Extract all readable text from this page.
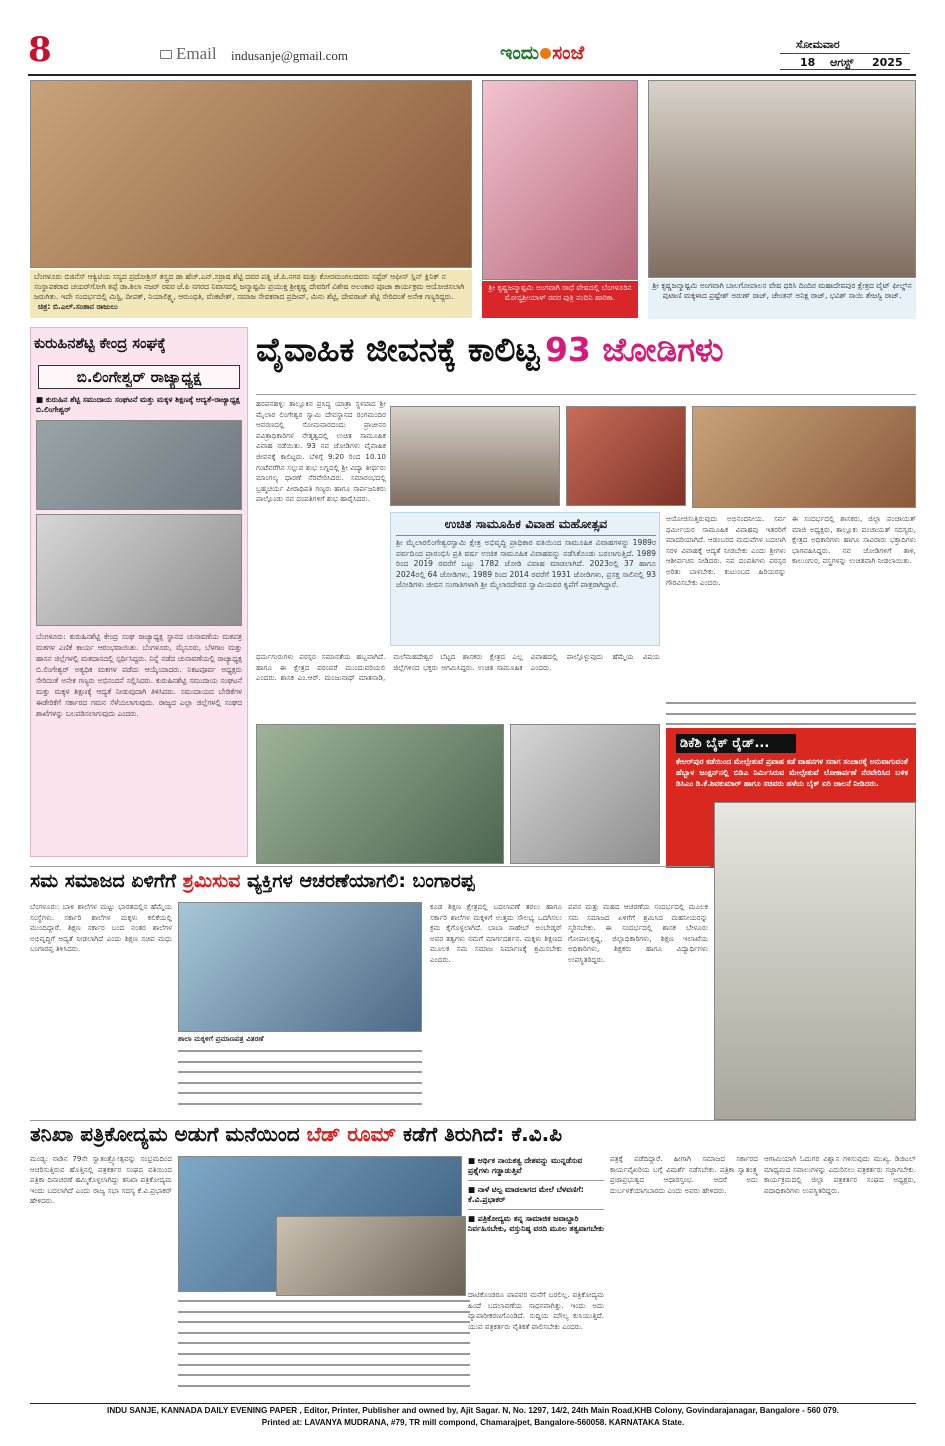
8	Email indusanje@gmail.com	ಇಂದು ಸಂಜೆ	ಸೋಮವಾರ
18 ಆಗಸ್ಟ್ 2025
ಬೆಂಗಳೂರು ಬಿಜಿನೆಸ್ ಆಕ್ವಿಟಿಯ ಸಸ್ಯದ ಪ್ರದೋಶ್ರಿಸ್ ತಸ್ತ್ರದ ಡಾ ಹೆಚ್.ಎನ್.ಸರ್ರಾಷ ಶೆಟ್ಟಿ ದವರ ಪತ್ನಿ ಜೆ.ಪಿ.ನಗರ ಮತ್ತು ಕೋರಮಂಗಲದವರು ಸಪ್ಟೆರ್ ಆಫೀಸ್ ಸ್ಲಿನ್ ಕ್ಲಿನಿಕ್ ನ ಸಂಸ್ಥಾಪಕರಾದ ಚಯರ್‌ಗೋಗಿ ತಪ್ಪೆ ಡಾ.ಶಿಲಾ ನಜರ್ ರವರ ಜೆ.ಪಿ ನಗರದ ನಿವಾಸದಲ್ಲಿ ಜನ್ಮಾಷ್ಟಮಿ ಪ್ರಯುಕ್ತ ಶ್ರೀಕೃಷ್ಣ ದೇವರಿಗೆ ವಿಶೇಷ ಅಲಂಕಾರ ಪೂಜಾ ಕಾರ್ಯಕ್ರಮ ಆಯೋಜಿಸಲಾಗಿ ಜರುಗಿತು. ಇದೇ ಸಂದರ್ಭದಲ್ಲಿ ಮಿಸ್ಟಿ, ದೀಪಕ್, ನಿಯಾಲಿಕ್ಷ್ಮ, ಆರುಂಧತಿ, ವೆಂಕಟೇಶ್, ಸಮಾಜ ಸೇವಕರಾದ ಪ್ರದೀಪ್, ಮಿನು ಶೆಟ್ಟಿ, ದೇವರಾಜ್ ಶೆಟ್ಟಿ ಸೇರಿದಂತೆ ಅನೇಕ ಗಣ್ಯರಿದ್ದರು. ಚಿತ್ರ: ಬಿ.ಎಲ್.ಸಂತಾನ ರಾಜುಲು
ಶ್ರೀ ಕೃಷ್ಣಜನ್ಮಾಷ್ಟಮಿ ಅಂಗವಾಗಿ ರಾಧೆ ವೇಷದಲ್ಲಿ ಬೆಂಗಳೂರಿನ ಮೋನ್ಯಶ್ರೀಯಾಳ್ ರವರ ಪುತ್ರಿ ನಂದಿನಿ ಹಾರಿಕಾ.
ಶ್ರೀ ಕೃಷ್ಣಜನ್ಮಾಷ್ಟಮಿ ಅಂಗವಾಗಿ ಬಾಲಗೋಪಾಲನ ವೇಷ ಧರಿಸಿ ದಿಂದಿರ ಮಹಾದೇವಪುರ ಕ್ಷೇತ್ರದ ವೈಟ್ ಫೀಲ್ಡ್‌ನ ಪುಟಾಣಿ ಮಕ್ಕಳಾದ ಪ್ರಷ್ಟೇಶ್ ಅರುಣ್ ರಾಜ್, ಚೇಂತನ್ ಅನಿಕ್ಷ ರಾಜ್, ಭವಿಶ್ ಸಾಯಿ ತೇಜಸ್ವಿ ರಾಜ್.
ಕುರುಹಿನಶೆಟ್ಟಿ ಕೇಂದ್ರ ಸಂಘಕ್ಕೆ
ಬಿ.ಲಿಂಗೇಶ್ವರ್ ರಾಜ್ಯಾಧ್ಯಕ್ಷ
■ ಕುರುಹಿನ ಶೆಟ್ಟಿ ಸಮುದಾಯ ಸಂಘಟನೆ ಮತ್ತು ಮಕ್ಕಳ ಶಿಕ್ಷಣಕ್ಕೆ ಆದ್ಯತೆ-ರಾಜ್ಯಾಧ್ಯಕ್ಷ ಬಿ.ಲಿಂಗೇಶ್ವರ್
ಬೆಂಗಳೂರು: ಕುರುಹಿನಶೆಟ್ಟಿ ಕೇಂದ್ರ ಸಂಘ ರಾಜ್ಯಾಧ್ಯಕ್ಷ ಸ್ಥಾನದ ಚುನಾವಣೆಯ ಮತಪತ್ರ ಮತಗಳ ಎಣಿಕೆ ಕಾರ್ಯ ಆರಂಭವಾಯಿತು. ಬೆಂಗಳೂರು, ಮೈಸೂರು, ಬೆಳಗಾಂ ಮತ್ತು ಹಾಸನ ಜಿಲ್ಲೆಗಳಲ್ಲಿ ಮತದಾನದಲ್ಲಿ ಸ್ಪರ್ಧಿಸಿದ್ದರು. ನಿನ್ನೆ ನಡೆದ ಚುನಾವಣೆಯಲ್ಲಿ ರಾಜ್ಯಾಧ್ಯಕ್ಷ ಬಿ.ಲಿಂಗೇಶ್ವರ್ ಅತ್ಯಧಿಕ ಮತಗಳ ಪಡೆದು ಆಯ್ಕೆಯಾದರು. ನಿಕಟಪೂರ್ವ ಅಧ್ಯಕ್ಷರು ಸೇರಿದಂತೆ ಅನೇಕ ಗಣ್ಯರು ಅಭಿನಂದನೆ ಸಲ್ಲಿಸಿದರು. ಕುರುಹಿನಶೆಟ್ಟಿ ಸಮುದಾಯ ಸಂಘಟನೆ ಮತ್ತು ಮಕ್ಕಳ ಶಿಕ್ಷಣಕ್ಕೆ ಆದ್ಯತೆ ನೀಡುವುದಾಗಿ ತಿಳಿಸಿದರು. ಸಮುದಾಯದ ಬೇಡಿಕೆಗಳ ಈಡೇರಿಕೆಗೆ ಸರ್ಕಾರದ ಗಮನ ಸೆಳೆಯಲಾಗುವುದು. ರಾಜ್ಯದ ಎಲ್ಲಾ ಜಿಲ್ಲೆಗಳಲ್ಲಿ ಸಂಘದ ಶಾಖೆಗಳನ್ನು ಬಲಪಡಿಸಲಾಗುವುದು ಎಂದರು.
ವೈವಾಹಿಕ ಜೀವನಕ್ಕೆ ಕಾಲಿಟ್ಟ 93 ಜೋಡಿಗಳು
ಹರಪನಹಳ್ಳಿ: ತಾಲ್ಲೂಕಿನ ಪ್ರಸಿದ್ಧ ಯಾತ್ರಾ ಸ್ಥಳವಾದ ಶ್ರೀ ಮೈಲಾರ ಲಿಂಗೇಶ್ವರ ಸ್ವಾಮಿ ದೇವಸ್ಥಾನದ ರಂಗಮಂದಿರ ಆವರಣದಲ್ಲಿ ಸೋಮವಾರದಂದು ಪ್ರಾಚೀನರ ಪವಿತ್ರಾಧಿಕಾರಿಗಳ ನೇತೃತ್ವದಲ್ಲಿ ಉಚಿತ ಸಾಮೂಹಿಕ ವಿವಾಹ ನಡೆಯಿತು. 93 ನವ ಜೋಡಿಗಳು ವೈವಾಹಿಕ ಜೀವನಕ್ಕೆ ಕಾಲಿಟ್ಟರು. ಬೆಳಿಗ್ಗೆ 9:20 ರಿಂದ 10.10 ಗಂಟೆವರೆಗಿನ ಸಲ್ಲುವ ಶುಭ ಲಗ್ನದಲ್ಲಿ ಶ್ರೀ ವಿದ್ಯಾ ತೀರ್ಥರು ಮಾಂಗಲ್ಯ ಧಾರಣೆ ನೆರವೇರಿಸಿದರು. ಸಮಾರಂಭದಲ್ಲಿ ಬ್ರಹ್ಮಚರ್ಯ ಪೀಠಾಧಿಪತಿ ಗಣ್ಯರು ಹಾಗೂ ಸಾರ್ವಜನಿಕರು ಪಾಲ್ಗೊಂಡು ನವ ದಂಪತಿಗಳಿಗೆ ಶುಭ ಹಾರೈಸಿದರು.
ಉಚಿತ ಸಾಮೂಹಿಕ ವಿವಾಹ ಮಹೋತ್ಸವ
ಶ್ರೀ ಮೈಲಾರಲಿಂಗೇಶ್ವರಸ್ವಾಮಿ ಕ್ಷೇತ್ರ ಅಭಿವೃದ್ಧಿ ಪ್ರಾಧಿಕಾರ ವತಿಯಿಂದ ಸಾಮೂಹಿಕ ವಿವಾಹಗಳನ್ನು 1989ರ ಪರ್ವದಿಂದ ಪ್ರಾರಂಭಿಸಿ ಪ್ರತಿ ವರ್ಷ ಉಚಿತ ಸಾಮೂಹಿಕ ವಿವಾಹವನ್ನು ನಡೆಸಿಕೊಂಡು ಬರಲಾಗುತ್ತಿದೆ. 1989 ರಿಂದ 2019 ರವರೆಗೆ ಒಟ್ಟು 1782 ಜೋಡಿ ವಿವಾಹ ಮಾಡಲಾಗಿದೆ. 2023ರಲ್ಲಿ 37 ಹಾಗೂ 2024ರಲ್ಲಿ 64 ಜೋಡಿಗಳು, 1989 ರಿಂದ 2014 ರವರೆಗೆ 1931 ಜೋಡಿಗಳು, ಪ್ರಸಕ್ತ ಸಾಲಿನಲ್ಲಿ 93 ಜೋಡಿಗಳು ಜೀವನ ಸಂಗಾತಿಗಳಾಗಿ ಶ್ರೀ ಮೈಲಾರದೇವರ ಸ್ವಾಮಿಯವರ ಕೃಪೆಗೆ ಪಾತ್ರರಾಗಿದ್ದಾರೆ.
ಆಯೋಜಿಸುತ್ತಿರುವುದು ಅಭಿನಂದನೀಯ. ಸರ್ವ ಧರ್ಮೀಯರ ಸಾಮೂಹಿಕ ವಿವಾಹವು ಇತರರಿಗೆ ಮಾದರಿಯಾಗಿದೆ. ಆಡಂಬರದ ಮದುವೆಗಳ ಬದಲಾಗಿ ಸರಳ ವಿವಾಹಕ್ಕೆ ಆದ್ಯತೆ ನೀಡಬೇಕು ಎಂದು ಶ್ರೀಗಳು ಆಶೀರ್ವಚನ ನೀಡಿದರು. ನವ ದಂಪತಿಗಳು ಪರಸ್ಪರ ಅರಿತು ಬಾಳಬೇಕು. ಕುಟುಂಬದ ಹಿರಿಯರನ್ನು ಗೌರವಿಸಬೇಕು ಎಂದರು.
ಈ ಸಂದರ್ಭದಲ್ಲಿ ಶಾಸಕರು, ಜಿಲ್ಲಾ ಪಂಚಾಯತ್ ಮಾಜಿ ಅಧ್ಯಕ್ಷರು, ತಾಲ್ಲೂಕು ಪಂಚಾಯತ್ ಸದಸ್ಯರು, ಕ್ಷೇತ್ರದ ಅಧಿಕಾರಿಗಳು ಹಾಗೂ ಸಾವಿರಾರು ಭಕ್ತಾದಿಗಳು ಭಾಗವಹಿಸಿದ್ದರು. ನವ ಜೋಡಿಗಳಿಗೆ ತಾಳಿ, ಕಾಲುಂಗುರ, ವಸ್ತ್ರಗಳನ್ನು ಉಚಿತವಾಗಿ ನೀಡಲಾಯಿತು.
ಧರ್ಮಗುರುಗಳು ಪರಸ್ಪರ ಸಮಾನತೆಯ ಹಬ್ಬವಾಗಿದೆ. ಹಾಗೂ ಈ ಕ್ಷೇತ್ರದ ಪರಂಪರೆ ಮುಂದುವರಿಯಲಿ ಎಂದರು. ಶಾಸಕ ಎಂ.ಆರ್. ಮಂಜುನಾಥ್ ಮಾತನಾಡಿ, ಮಲೆಮಹದೇಶ್ವರ ಬೆಟ್ಟದ ಶಾಸಕರು ಕ್ಷೇತ್ರದ ಎಲ್ಲ ಜಿಲ್ಲೆಗಳಿಂದ ಭಕ್ತರು ಆಗಮಿಸಿದ್ದರು. ಉಚಿತ ಸಾಮೂಹಿಕ ವಿವಾಹದಲ್ಲಿ ಪಾಲ್ಗೊಳ್ಳುವುದು ಹೆಮ್ಮೆಯ ವಿಷಯ ಎಂದರು.
ಡಿಕೆಶಿ ಬೈಕ್ ರೈಡ್...
ಕೇಆರ್‌ಪುರ ಕಡೆಯಿಂದ ಮೇಲ್ಸೇತುವೆ ಪ್ರವಾಹ ಕಡೆ ವಾಹನಗಳ ಸರಾಗ ಸಂಚಾರಕ್ಕೆ ಅನುವಾಗುವಂತೆ ಹೆಬ್ಬಾಳ ಜಂಕ್ಷನ್‌ನಲ್ಲಿ ಬಿಡಿಎ ನಿರ್ಮಿಸಿರುವ ಮೇಲ್ಸೇತುವೆ ಲೋಕಾರ್ಪಣೆ ನೆರವೇರಿಸಿದ ಬಳಿಕ ಡಿಸಿಎಂ ಡಿ.ಕೆ.ಶಿವಕುಮಾರ್ ಹಾಗೂ ಸಚಿವರು ಹಳೆಯ ಬೈಕ್ ಏರಿ ಚಾಲನೆ ನೀಡಿದರು.
ಸಮ ಸಮಾಜದ ಏಳಿಗೆಗೆ ಶ್ರಮಿಸುವ ವ್ಯಕ್ತಿಗಳ ಆಚರಣೆಯಾಗಲಿ: ಬಂಗಾರಪ್ಪ
ಬೆಂಗಳೂರು: ಬಾಳಿ ಶಾಲೆಗಳ ಮಟ್ಟು ಭಾರತದಲ್ಲಿನ ಹೆಮ್ಮೆಯ ಸಂಸ್ಥೆಗಳು. ಸರ್ಕಾರಿ ಶಾಲೆಗಳ ಮಕ್ಕಳು ಕಲಿಕೆಯಲ್ಲಿ ಮುಂದಿದ್ದಾರೆ. ಶಿಕ್ಷಣ ಸರ್ಕಾರ ಬಂದ ನಂತರ ಶಾಲೆಗಳ ಅಭಿವೃದ್ಧಿಗೆ ಆದ್ಯತೆ ನೀಡಲಾಗಿದೆ ಎಂದು ಶಿಕ್ಷಣ ಸಚಿವ ಮಧು ಬಂಗಾರಪ್ಪ ತಿಳಿಸಿದರು.
ಶಾಲಾ ಮಕ್ಕಳಿಗೆ ಪ್ರಮಾಣಪತ್ರ ವಿತರಣೆ
ಕೂಡ ಶಿಕ್ಷಣ ಕ್ಷೇತ್ರದಲ್ಲಿ ಬದಲಾವಣೆ ತರಲು ಹಾಗೂ ಸರ್ಕಾರಿ ಶಾಲೆಗಳ ಮಕ್ಕಳಿಗೆ ಉತ್ತಮ ಸೌಲಭ್ಯ ಒದಗಿಸಲು ಕ್ರಮ ಕೈಗೊಳ್ಳಲಾಗಿದೆ. ಬಾಬಾ ಸಾಹೇಬ್ ಅಂಬೇಡ್ಕರ್ ಅವರ ತತ್ವಗಳು ನಮಗೆ ಮಾರ್ಗದರ್ಶನ. ಮಕ್ಕಳು ಶಿಕ್ಷಣದ ಮೂಲಕ ಸಮ ಸಮಾಜ ನಿರ್ಮಾಣಕ್ಕೆ ಶ್ರಮಿಸಬೇಕು ಎಂದರು.
ಪವನ ಮತ್ತು ಮಹದ ಆಚರಣೆಯ ಸಂದರ್ಭದಲ್ಲಿ ಮೂಲಕ ಸಮ ಸಮಾಜದ ಏಳಿಗೆಗೆ ಶ್ರಮಿಸಿದ ಮಹನೀಯರನ್ನು ಸ್ಮರಿಸಬೇಕು. ಈ ಸಂದರ್ಭದಲ್ಲಿ ಶಾಸಕ ಬೇಳೂರು ಗೋಪಾಲಕೃಷ್ಣ, ಜಿಲ್ಲಾಧಿಕಾರಿಗಳು, ಶಿಕ್ಷಣ ಇಲಾಖೆಯ ಅಧಿಕಾರಿಗಳು, ಶಿಕ್ಷಕರು ಹಾಗೂ ವಿದ್ಯಾರ್ಥಿಗಳು ಉಪಸ್ಥಿತರಿದ್ದರು.
ತನಿಖಾ ಪತ್ರಿಕೋದ್ಯಮ ಅಡುಗೆ ಮನೆಯಿಂದ ಬೆಡ್ ರೂಮ್ ಕಡೆಗೆ ತಿರುಗಿದೆ: ಕೆ.ವಿ.ಪಿ
ಮಂಡ್ಯ: ನಾಡಿನ 79ನೇ ಸ್ವಾತಂತ್ರ್ಯೋತ್ಸವನ್ನು ಸಂಭ್ರಮದಿಂದ ಆಚರಿಸುತ್ತಿರುವ ಹೊತ್ತಿನಲ್ಲಿ ಪತ್ರಕರ್ತರ ಸಂಘದ ವತಿಯಿಂದ ಪತ್ರಿಕಾ ದಿನಾಚರಣೆ ಹಮ್ಮಿಕೊಳ್ಳಲಾಗಿದ್ದು ತನಿಖಾ ಪತ್ರಿಕೋದ್ಯಮ ಇಂದು ಬದಲಾಗಿದೆ ಎಂದು ರಾಜ್ಯ ಸಭಾ ಸದಸ್ಯ ಕೆ.ವಿ.ಪ್ರಭಾಕರ್ ಹೇಳಿದರು.
■ ಆರ್ಥಿಕ ನಾಯಕತ್ವ ದೇಶವನ್ನು ಮುನ್ನಡೆಸುವ ಪ್ರಶ್ನೆಗಳು ಗಡ್ಡಾಡುತ್ತಿವೆ
■ ನಾಳೆ ಟಿಲ್ಟ ಮಾಡಲಾಗದ ಮೇಲೆ ಬೆಳವಣಿಗೆ: ಕೆ.ವಿ.ಪ್ರಭಾಕರ್
■ ಪತ್ರಿಕೋದ್ಯಮ ತನ್ನ ಸಾಮಾಜಿಕ ಜವಾಬ್ದಾರಿ ನಿರ್ವಹಿಸಬೇಕು, ವಸ್ತುನಿಷ್ಠ ವರದಿ ಮೂಲ ತತ್ವವಾಗಬೇಕು
ದಾಟಿಕೊಂಡರೂ ಪಾಪವರ ಮನೆಗೆ ಬರಲಿಲ್ಲ. ಪತ್ರಿಕೋದ್ಯಮ ಹಿಂದೆ ಬದಲಾವಣೆಯ ಸಾಧನವಾಗಿತ್ತು. ಇಂದು ಅದು ವ್ಯಾಪಾರೀಕರಣಗೊಂಡಿದೆ. ಸುದ್ದಿಯ ಮೌಲ್ಯ ಕುಸಿಯುತ್ತಿದೆ. ಯುವ ಪತ್ರಕರ್ತರು ನೈತಿಕತೆ ಪಾಲಿಸಬೇಕು ಎಂದರು.
ಪತ್ರಕ್ಕೆ ಪಡೆದಿದ್ದಾರೆ. ಹೀಗಾಗಿ ಸಮಾಜದ ಸರ್ಕಾರದ ಕಾರ್ಯವೈಖರಿಯ ಬಗ್ಗೆ ವಿಮರ್ಶೆ ನಡೆಸಬೇಕು. ಪತ್ರಿಕಾ ಸ್ವಾತಂತ್ರ್ಯ ಪ್ರಜಾಪ್ರಭುತ್ವದ ಆಧಾರಸ್ತಂಭ. ಆದರೆ ಅದು ದುರ್ಬಳಕೆಯಾಗಬಾರದು ಎಂದು ಅವರು ಹೇಳಿದರು.
ಆಗಾಮಿಯಾಗಿ ಓದುಗರ ವಿಶ್ವಾಸ ಗಳಿಸುವುದು ಮುಖ್ಯ. ಡಿಜಿಟಲ್ ಮಾಧ್ಯಮದ ಸವಾಲುಗಳನ್ನು ಎದುರಿಸಲು ಪತ್ರಕರ್ತರು ಸಜ್ಜಾಗಬೇಕು. ಕಾರ್ಯಕ್ರಮದಲ್ಲಿ ಜಿಲ್ಲಾ ಪತ್ರಕರ್ತರ ಸಂಘದ ಅಧ್ಯಕ್ಷರು, ಪದಾಧಿಕಾರಿಗಳು ಉಪಸ್ಥಿತರಿದ್ದರು.
INDU SANJE, KANNADA DAILY EVENING PAPER , Editor, Printer, Publisher and owned by, Ajit Sagar. N, No. 1297, 14/2, 24th Main Road,KHB Colony, Govindarajanagar, Bangalore - 560 079.
Printed at: LAVANYA MUDRANA, #79, TR mill compond, Chamarajpet, Bangalore-560058. KARNATAKA State.
